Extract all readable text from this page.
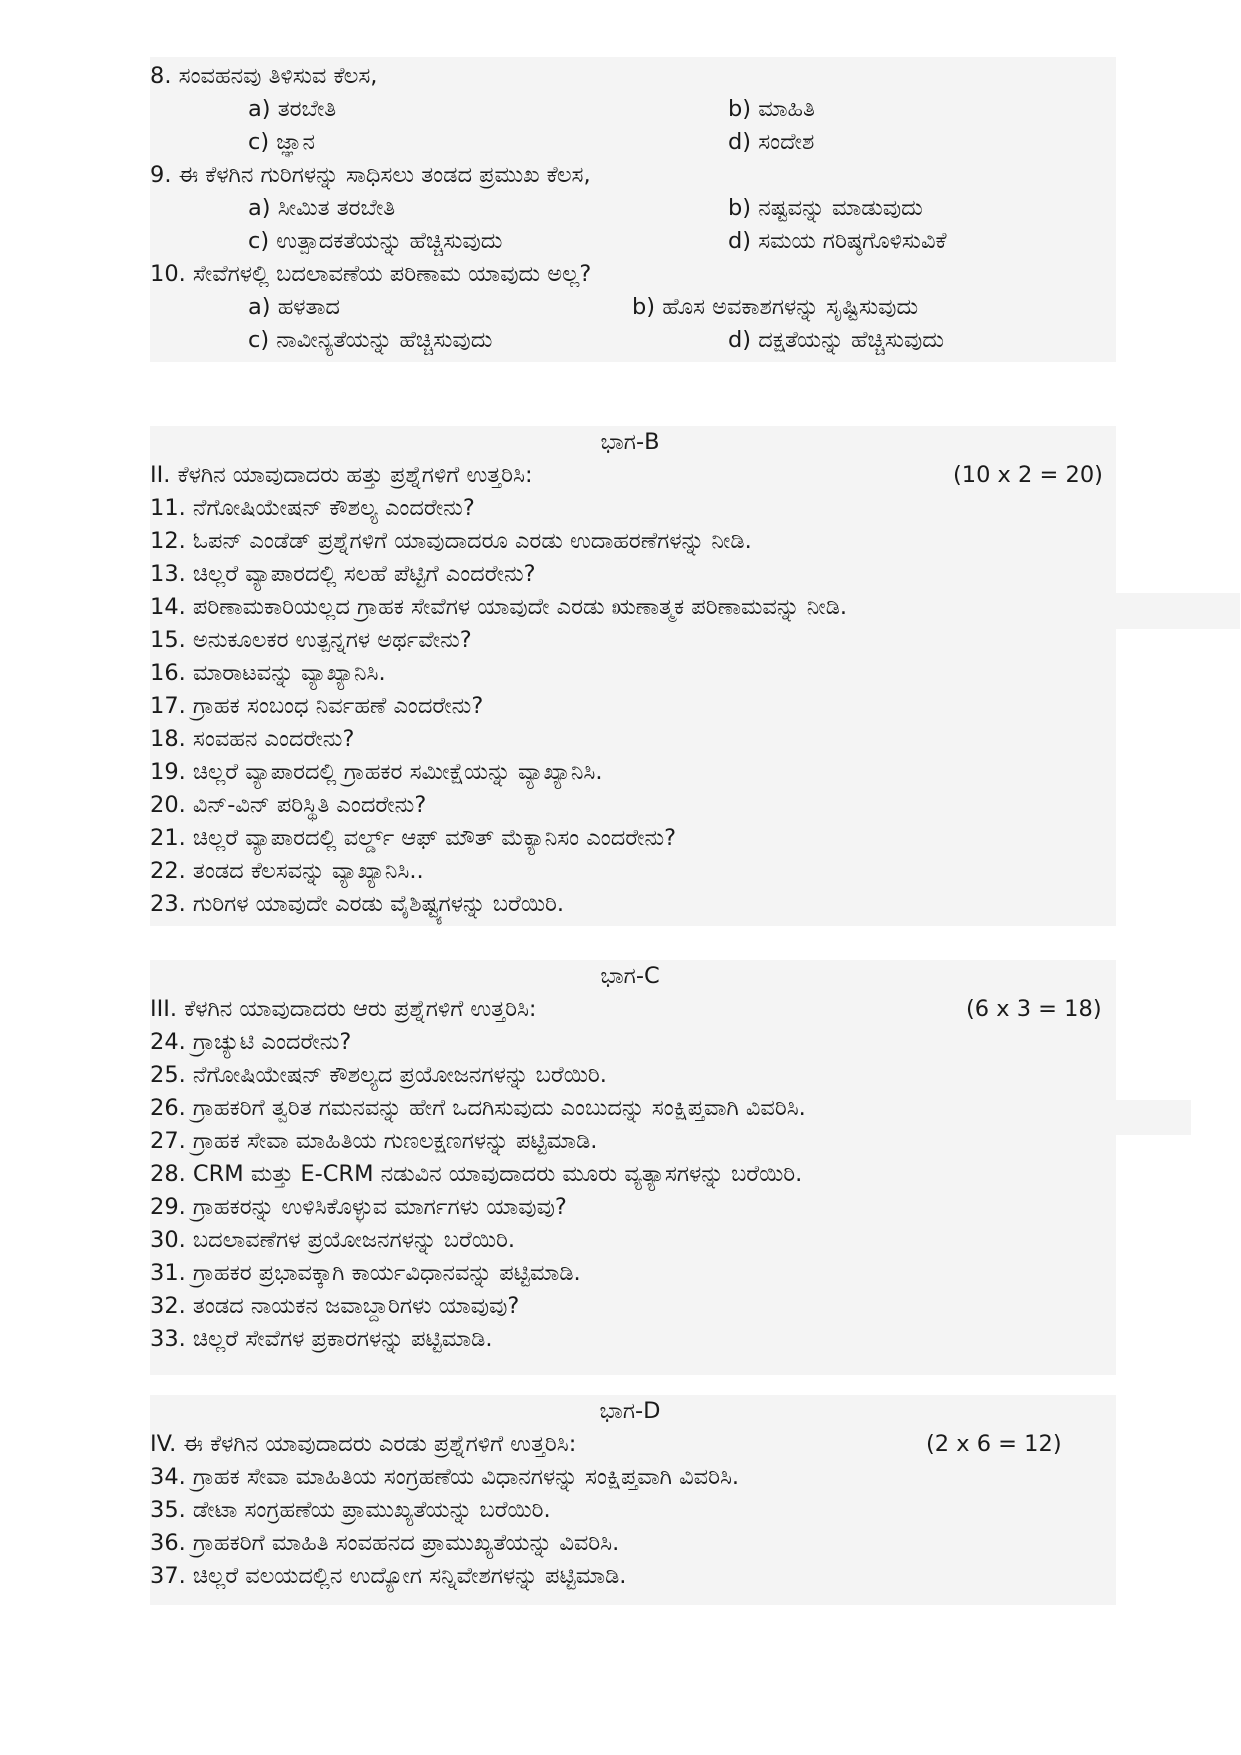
8. ಸಂವಹನವು ತಿಳಿಸುವ ಕೆಲಸ,
a) ತರಬೇತಿ	b) ಮಾಹಿತಿ
c) ಜ್ಞಾನ	d) ಸಂದೇಶ
9. ಈ ಕೆಳಗಿನ ಗುರಿಗಳನ್ನು ಸಾಧಿಸಲು ತಂಡದ ಪ್ರಮುಖ ಕೆಲಸ,
a) ಸೀಮಿತ ತರಬೇತಿ	b) ನಷ್ಟವನ್ನು ಮಾಡುವುದು
c) ಉತ್ಪಾದಕತೆಯನ್ನು ಹೆಚ್ಚಿಸುವುದು	d) ಸಮಯ ಗರಿಷ್ಠಗೊಳಿಸುವಿಕೆ
10. ಸೇವೆಗಳಲ್ಲಿ ಬದಲಾವಣೆಯ ಪರಿಣಾಮ ಯಾವುದು ಅಲ್ಲ?
a) ಹಳತಾದ	b) ಹೊಸ ಅವಕಾಶಗಳನ್ನು ಸೃಷ್ಟಿಸುವುದು
c) ನಾವೀನ್ಯತೆಯನ್ನು ಹೆಚ್ಚಿಸುವುದು	d) ದಕ್ಷತೆಯನ್ನು ಹೆಚ್ಚಿಸುವುದು
ಭಾಗ-B
II. ಕೆಳಗಿನ ಯಾವುದಾದರು ಹತ್ತು ಪ್ರಶ್ನೆಗಳಿಗೆ ಉತ್ತರಿಸಿ:	(10 x 2 = 20)
11. ನೆಗೋಷಿಯೇಷನ್ ಕೌಶಲ್ಯ ಎಂದರೇನು?
12. ಓಪನ್ ಎಂಡೆಡ್ ಪ್ರಶ್ನೆಗಳಿಗೆ ಯಾವುದಾದರೂ ಎರಡು ಉದಾಹರಣೆಗಳನ್ನು ನೀಡಿ.
13. ಚಿಲ್ಲರೆ ವ್ಯಾಪಾರದಲ್ಲಿ ಸಲಹೆ ಪೆಟ್ಟಿಗೆ ಎಂದರೇನು?
14. ಪರಿಣಾಮಕಾರಿಯಲ್ಲದ ಗ್ರಾಹಕ ಸೇವೆಗಳ ಯಾವುದೇ ಎರಡು ಋಣಾತ್ಮಕ ಪರಿಣಾಮವನ್ನು ನೀಡಿ.
15. ಅನುಕೂಲಕರ ಉತ್ಪನ್ನಗಳ ಅರ್ಥವೇನು?
16. ಮಾರಾಟವನ್ನು ವ್ಯಾಖ್ಯಾನಿಸಿ.
17. ಗ್ರಾಹಕ ಸಂಬಂಧ ನಿರ್ವಹಣೆ ಎಂದರೇನು?
18. ಸಂವಹನ ಎಂದರೇನು?
19. ಚಿಲ್ಲರೆ ವ್ಯಾಪಾರದಲ್ಲಿ ಗ್ರಾಹಕರ ಸಮೀಕ್ಷೆಯನ್ನು ವ್ಯಾಖ್ಯಾನಿಸಿ.
20. ವಿನ್-ವಿನ್ ಪರಿಸ್ಥಿತಿ ಎಂದರೇನು?
21. ಚಿಲ್ಲರೆ ವ್ಯಾಪಾರದಲ್ಲಿ ವರ್ಲ್ಡ್ ಆಫ್ ಮೌತ್ ಮೆಕ್ಯಾನಿಸಂ ಎಂದರೇನು?
22. ತಂಡದ ಕೆಲಸವನ್ನು ವ್ಯಾಖ್ಯಾನಿಸಿ..
23. ಗುರಿಗಳ ಯಾವುದೇ ಎರಡು ವೈಶಿಷ್ಟ್ಯಗಳನ್ನು ಬರೆಯಿರಿ.
ಭಾಗ-C
III. ಕೆಳಗಿನ ಯಾವುದಾದರು ಆರು ಪ್ರಶ್ನೆಗಳಿಗೆ ಉತ್ತರಿಸಿ:	(6 x 3 = 18)
24. ಗ್ರಾಚ್ಯುಟಿ ಎಂದರೇನು?
25. ನೆಗೋಷಿಯೇಷನ್ ಕೌಶಲ್ಯದ ಪ್ರಯೋಜನಗಳನ್ನು ಬರೆಯಿರಿ.
26. ಗ್ರಾಹಕರಿಗೆ ತ್ವರಿತ ಗಮನವನ್ನು ಹೇಗೆ ಒದಗಿಸುವುದು ಎಂಬುದನ್ನು ಸಂಕ್ಷಿಪ್ತವಾಗಿ ವಿವರಿಸಿ.
27. ಗ್ರಾಹಕ ಸೇವಾ ಮಾಹಿತಿಯ ಗುಣಲಕ್ಷಣಗಳನ್ನು ಪಟ್ಟಿಮಾಡಿ.
28. CRM ಮತ್ತು E-CRM ನಡುವಿನ ಯಾವುದಾದರು ಮೂರು ವ್ಯತ್ಯಾಸಗಳನ್ನು ಬರೆಯಿರಿ.
29. ಗ್ರಾಹಕರನ್ನು ಉಳಿಸಿಕೊಳ್ಳುವ ಮಾರ್ಗಗಳು ಯಾವುವು?
30. ಬದಲಾವಣೆಗಳ ಪ್ರಯೋಜನಗಳನ್ನು ಬರೆಯಿರಿ.
31. ಗ್ರಾಹಕರ ಪ್ರಭಾವಕ್ಕಾಗಿ ಕಾರ್ಯವಿಧಾನವನ್ನು ಪಟ್ಟಿಮಾಡಿ.
32. ತಂಡದ ನಾಯಕನ ಜವಾಬ್ದಾರಿಗಳು ಯಾವುವು?
33. ಚಿಲ್ಲರೆ ಸೇವೆಗಳ ಪ್ರಕಾರಗಳನ್ನು ಪಟ್ಟಿಮಾಡಿ.
ಭಾಗ-D
IV. ಈ ಕೆಳಗಿನ ಯಾವುದಾದರು ಎರಡು ಪ್ರಶ್ನೆಗಳಿಗೆ ಉತ್ತರಿಸಿ:	(2 x 6 = 12)
34. ಗ್ರಾಹಕ ಸೇವಾ ಮಾಹಿತಿಯ ಸಂಗ್ರಹಣೆಯ ವಿಧಾನಗಳನ್ನು ಸಂಕ್ಷಿಪ್ತವಾಗಿ ವಿವರಿಸಿ.
35. ಡೇಟಾ ಸಂಗ್ರಹಣೆಯ ಪ್ರಾಮುಖ್ಯತೆಯನ್ನು ಬರೆಯಿರಿ.
36. ಗ್ರಾಹಕರಿಗೆ ಮಾಹಿತಿ ಸಂವಹನದ ಪ್ರಾಮುಖ್ಯತೆಯನ್ನು ವಿವರಿಸಿ.
37. ಚಿಲ್ಲರೆ ವಲಯದಲ್ಲಿನ ಉದ್ಯೋಗ ಸನ್ನಿವೇಶಗಳನ್ನು ಪಟ್ಟಿಮಾಡಿ.
